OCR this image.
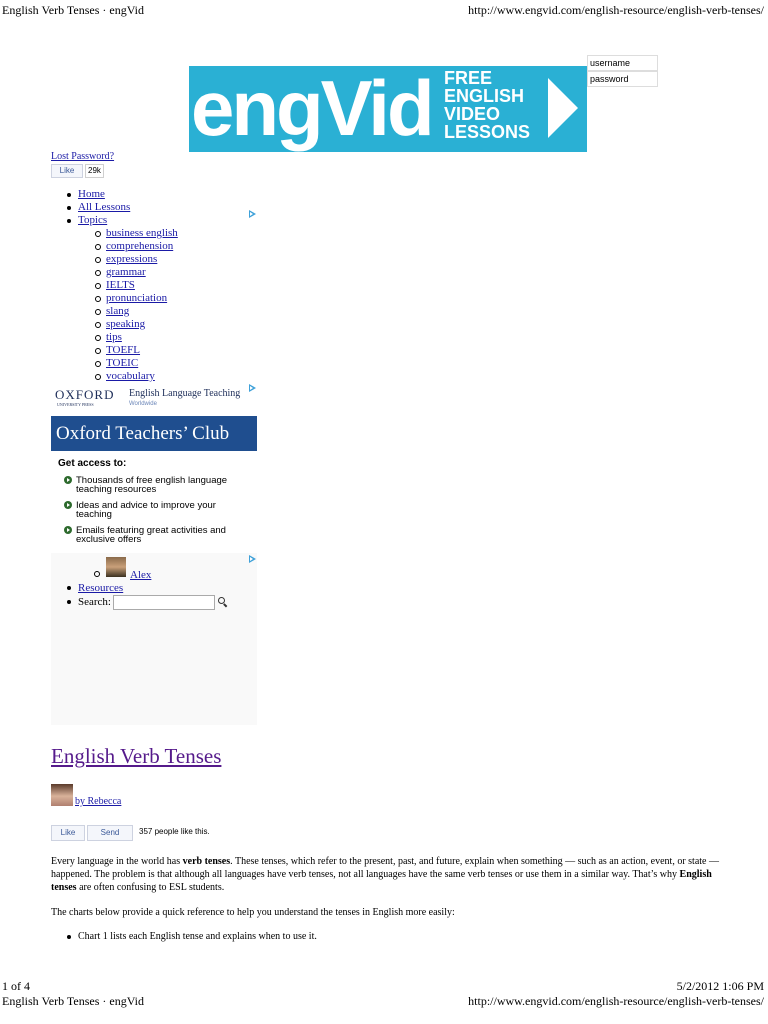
English Verb Tenses · engVid	http://www.engvid.com/english-resource/english-verb-tenses/
engVid FREE
ENGLISH
VIDEO
LESSONS
username
password
Lost Password?
Like	29k
Home
All Lessons
Topics
business english
comprehension
expressions
grammar
IELTS
pronunciation
slang
speaking
tips
TOEFL
TOEIC
vocabulary
OXFORD
UNIVERSITY PRESS
English Language Teaching
Worldwide
Oxford Teachers’ Club
Get access to:
Thousands of free english language teaching resources
Ideas and advice to improve your teaching
Emails featuring great activities and exclusive offers
Alex
Resources
Search:
English Verb Tenses
by Rebecca
Like	Send	357 people like this.
Every language in the world has verb tenses. These tenses, which refer to the present, past, and future, explain when something — such as an action, event, or state — happened. The problem is that although all languages have verb tenses, not all languages have the same verb tenses or use them in a similar way. That’s why English tenses are often confusing to ESL students.
The charts below provide a quick reference to help you understand the tenses in English more easily:
Chart 1 lists each English tense and explains when to use it.
1 of 4	5/2/2012 1:06 PM
English Verb Tenses · engVid	http://www.engvid.com/english-resource/english-verb-tenses/
